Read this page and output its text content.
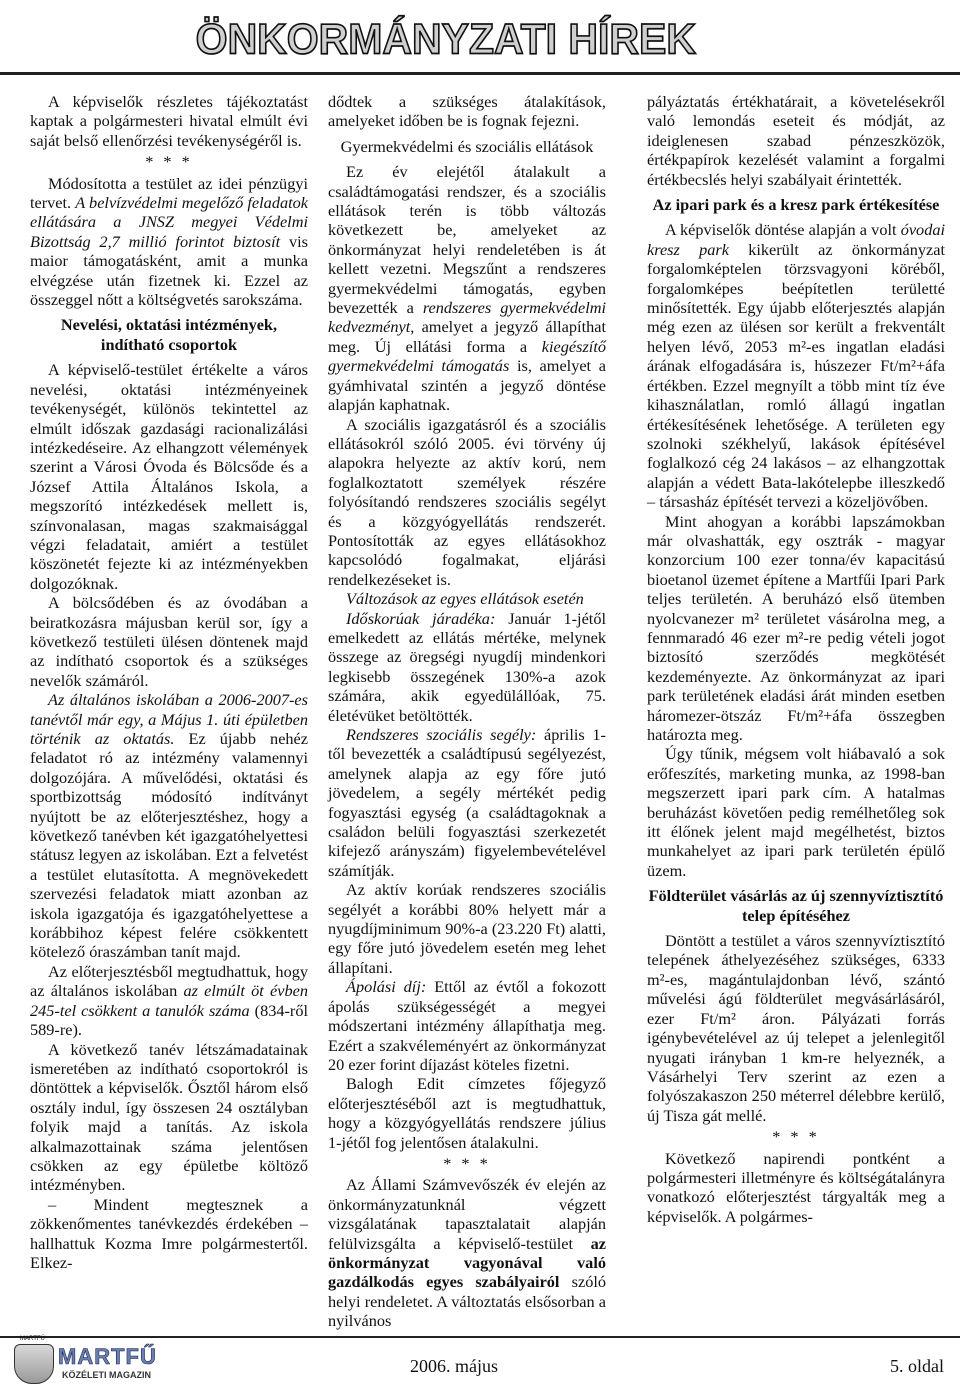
ÖNKORMÁNYZATI HÍREK

A képviselők részletes tájékoztatást kaptak a polgármesteri hivatal elmúlt évi saját belső ellenőrzési tevékenységéről is.

* * *

Módosította a testület az idei pénzügyi tervet. A belvízvédelmi megelőző feladatok ellátására a JNSZ megyei Védelmi Bizottság 2,7 millió forintot biztosít vis maior támogatásként, amit a munka elvégzése után fizetnek ki. Ezzel az összeggel nőtt a költségvetés sarokszáma.

Nevelési, oktatási intézmények, indítható csoportok

A képviselő-testület értékelte a város nevelési, oktatási intézményeinek tevékenységét, különös tekintettel az elmúlt időszak gazdasági racionalizálási intézkedéseire. Az elhangzott vélemények szerint a Városi Óvoda és Bölcsőde és a József Attila Általános Iskola, a megszorító intézkedések mellett is, színvonalasan, magas szakmaisággal végzi feladatait, amiért a testület köszönetét fejezte ki az intézményekben dolgozóknak.

A bölcsődében és az óvodában a beiratkozásra májusban kerül sor, így a következő testületi ülésen döntenek majd az indítható csoportok és a szükséges nevelők számáról.

Az általános iskolában a 2006-2007-es tanévtől már egy, a Május 1. úti épületben történik az oktatás. Ez újabb nehéz feladatot ró az intézmény valamennyi dolgozójára. A művelődési, oktatási és sportbizottság módosító indítványt nyújtott be az előterjesztéshez, hogy a következő tanévben két igazgatóhelyettesi státusz legyen az iskolában. Ezt a felvetést a testület elutasította. A megnövekedett szervezési feladatok miatt azonban az iskola igazgatója és igazgatóhelyettese a korábbihoz képest felére csökkentett kötelező óraszámban tanít majd.

Az előterjesztésből megtudhattuk, hogy az általános iskolában az elmúlt öt évben 245-tel csökkent a tanulók száma (834-ről 589-re).

A következő tanév létszámadatainak ismeretében az indítható csoportokról is döntöttek a képviselők. Ősztől három első osztály indul, így összesen 24 osztályban folyik majd a tanítás. Az iskola alkalmazottainak száma jelentősen csökken az egy épületbe költöző intézményben.

– Mindent megtesznek a zökkenőmentes tanévkezdés érdekében – hallhattuk Kozma Imre polgármestertől. Elkez-

dődtek a szükséges átalakítások, amelyeket időben be is fognak fejezni.

Gyermekvédelmi és szociális ellátások

Ez év elejétől átalakult a családtámogatási rendszer, és a szociális ellátások terén is több változás következett be, amelyeket az önkormányzat helyi rendeletében is át kellett vezetni. Megszűnt a rendszeres gyermekvédelmi támogatás, egyben bevezették a rendszeres gyermekvédelmi kedvezményt, amelyet a jegyző állapíthat meg. Új ellátási forma a kiegészítő gyermekvédelmi támogatás is, amelyet a gyámhivatal szintén a jegyző döntése alapján kaphatnak.

A szociális igazgatásról és a szociális ellátásokról szóló 2005. évi törvény új alapokra helyezte az aktív korú, nem foglalkoztatott személyek részére folyósítandó rendszeres szociális segélyt és a közgyógyellátás rendszerét. Pontosították az egyes ellátásokhoz kapcsolódó fogalmakat, eljárási rendelkezéseket is.

Változások az egyes ellátások esetén

Időskorúak járadéka: Január 1-jétől emelkedett az ellátás mértéke, melynek összege az öregségi nyugdíj mindenkori legkisebb összegének 130%-a azok számára, akik egyedülállóak, 75. életévüket betöltötték.

Rendszeres szociális segély: április 1-től bevezették a családtípusú segélyezést, amelynek alapja az egy főre jutó jövedelem, a segély mértékét pedig fogyasztási egység (a családtagoknak a családon belüli fogyasztási szerkezetét kifejező arányszám) figyelembevételével számítják.

Az aktív korúak rendszeres szociális segélyét a korábbi 80% helyett már a nyugdíjminimum 90%-a (23.220 Ft) alatti, egy főre jutó jövedelem esetén meg lehet állapítani.

Ápolási díj: Ettől az évtől a fokozott ápolás szükségességét a megyei módszertani intézmény állapíthatja meg. Ezért a szakvéleményért az önkormányzat 20 ezer forint díjazást köteles fizetni.

Balogh Edit címzetes főjegyző előterjesztéséből azt is megtudhattuk, hogy a közgyógyellátás rendszere július 1-jétől fog jelentősen átalakulni.

* * *

Az Állami Számvevőszék év elején az önkormányzatunknál végzett vizsgálatának tapasztalatait alapján felülvizsgálta a képviselő-testület az önkormányzat vagyonával való gazdálkodás egyes szabályairól szóló helyi rendeletet. A változtatás elsősorban a nyilvános

pályáztatás értékhatárait, a követelésekről való lemondás eseteit és módját, az ideiglenesen szabad pénzeszközök, értékpapírok kezelését valamint a forgalmi értékbecslés helyi szabályait érintették.

Az ipari park és a kresz park értékesítése

A képviselők döntése alapján a volt óvodai kresz park kikerült az önkormányzat forgalomképtelen törzsvagyoni köréből, forgalomképes beépítetlen területté minősítették. Egy újabb előterjesztés alapján még ezen az ülésen sor került a frekventált helyen lévő, 2053 m²-es ingatlan eladási árának elfogadására is, húszezer Ft/m²+áfa értékben. Ezzel megnyílt a több mint tíz éve kihasználatlan, romló állagú ingatlan értékesítésének lehetősége. A területen egy szolnoki székhelyű, lakások építésével foglalkozó cég 24 lakásos – az elhangzottak alapján a védett Bata-lakótelepbe illeszkedő – társasház építését tervezi a közeljövőben.

Mint ahogyan a korábbi lapszámokban már olvashatták, egy osztrák - magyar konzorcium 100 ezer tonna/év kapacitású bioetanol üzemet építene a Martfűi Ipari Park teljes területén. A beruházó első ütemben nyolcvanezer m² területet vásárolna meg, a fennmaradó 46 ezer m²-re pedig vételi jogot biztosító szerződés megkötését kezdeményezte. Az önkormányzat az ipari park területének eladási árát minden esetben háromezer-ötszáz Ft/m²+áfa összegben határozta meg.

Úgy tűnik, mégsem volt hiábavaló a sok erőfeszítés, marketing munka, az 1998-ban megszerzett ipari park cím. A hatalmas beruházást követően pedig remélhetőleg sok itt élőnek jelent majd megélhetést, biztos munkahelyet az ipari park területén épülő üzem.

Földterület vásárlás az új szennyvíztisztító telep építéséhez

Döntött a testület a város szennyvíztisztító telepének áthelyezéséhez szükséges, 6333 m²-es, magántulajdonban lévő, szántó művelési ágú földterület megvásárlásáról, ezer Ft/m² áron. Pályázati forrás igénybevételével az új telepet a jelenlegitől nyugati irányban 1 km-re helyeznék, a Vásárhelyi Terv szerint az ezen a folyószakaszon 250 méterrel délebbre kerülő, új Tisza gát mellé.

* * *

Következő napirendi pontként a polgármesteri illetményre és költségátalányra vonatkozó előterjesztést tárgyalták meg a képviselők. A polgármes-

MARTFŰ
MARTFŰ
KÖZÉLETI MAGAZIN	2006. május	5. oldal
